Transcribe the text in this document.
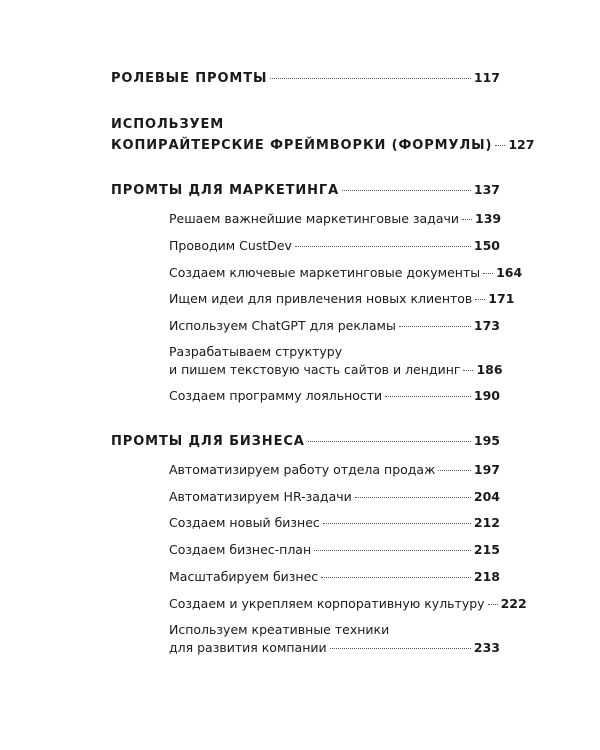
РОЛЕВЫЕ ПРОМТЫ	117
ИСПОЛЬЗУЕМ
КОПИРАЙТЕРСКИЕ ФРЕЙМВОРКИ (ФОРМУЛЫ) 127
ПРОМТЫ ДЛЯ МАРКЕТИНГА	137
Решаем важнейшие маркетинговые задачи 139
Проводим CustDev	150
Создаем ключевые маркетинговые документы 164
Ищем идеи для привлечения новых клиентов 171
Используем ChatGPT для рекламы	173
Разрабатываем структуру
и пишем текстовую часть сайтов и лендинг 186
Создаем программу лояльности	190
ПРОМТЫ ДЛЯ БИЗНЕСА	195
Автоматизируем работу отдела продаж	197
Автоматизируем HR-задачи	204
Создаем новый бизнес	212
Создаем бизнес-план	215
Масштабируем бизнес	218
Создаем и укрепляем корпоративную культуру 222
Используем креативные техники
для развития компании	233
